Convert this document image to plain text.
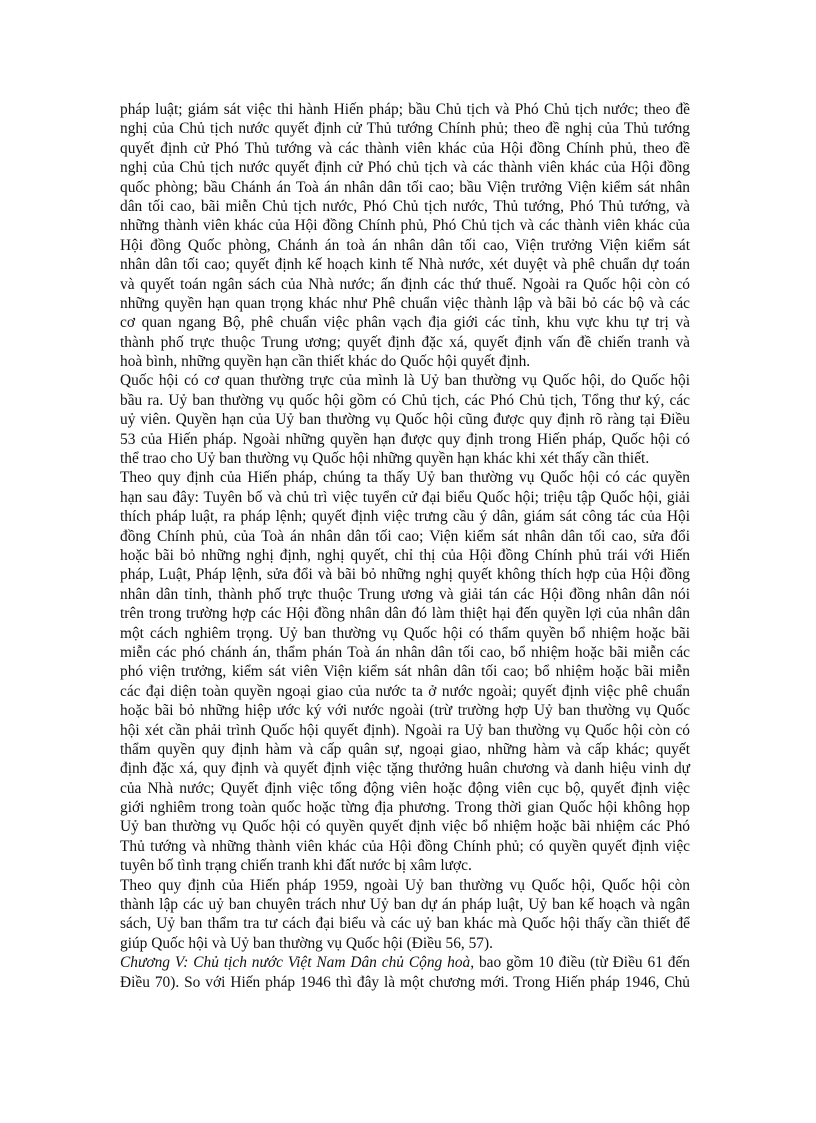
pháp luật; giám sát việc thi hành Hiến pháp; bầu Chủ tịch và Phó Chủ tịch nước; theo đề
nghị của Chủ tịch nước quyết định cử Thủ tướng Chính phủ; theo đề nghị của Thủ tướng
quyết định cử Phó Thủ tướng và các thành viên khác của Hội đồng Chính phủ, theo đề
nghị của Chủ tịch nước quyết định cử Phó chủ tịch và các thành viên khác của Hội đồng
quốc phòng; bầu Chánh án Toà án nhân dân tối cao; bầu Viện trưởng Viện kiểm sát nhân
dân tối cao, bãi miễn Chủ tịch nước, Phó Chủ tịch nước, Thủ tướng, Phó Thủ tướng, và
những thành viên khác của Hội đồng Chính phủ, Phó Chủ tịch và các thành viên khác của
Hội đồng Quốc phòng, Chánh án toà án nhân dân tối cao, Viện trưởng Viện kiểm sát
nhân dân tối cao; quyết định kế hoạch kinh tế Nhà nước, xét duyệt và phê chuẩn dự toán
và quyết toán ngân sách của Nhà nước; ấn định các thứ thuế. Ngoài ra Quốc hội còn có
những quyền hạn quan trọng khác như Phê chuẩn việc thành lập và bãi bỏ các bộ và các
cơ quan ngang Bộ, phê chuẩn việc phân vạch địa giới các tỉnh, khu vực khu tự trị và
thành phố trực thuộc Trung ương; quyết định đặc xá, quyết định vấn đề chiến tranh và
hoà bình, những quyền hạn cần thiết khác do Quốc hội quyết định.
Quốc hội có cơ quan thường trực của mình là Uỷ ban thường vụ Quốc hội, do Quốc hội
bầu ra. Uỷ ban thường vụ quốc hội gồm có Chủ tịch, các Phó Chủ tịch, Tổng thư ký, các
uỷ viên. Quyền hạn của Uỷ ban thường vụ Quốc hội cũng được quy định rõ ràng tại Điều
53 của Hiến pháp. Ngoài những quyền hạn được quy định trong Hiến pháp, Quốc hội có
thể trao cho Uỷ ban thường vụ Quốc hội những quyền hạn khác khi xét thấy cần thiết.
Theo quy định của Hiến pháp, chúng ta thấy Uỷ ban thường vụ Quốc hội có các quyền
hạn sau đây: Tuyên bố và chủ trì việc tuyển cử đại biểu Quốc hội; triệu tập Quốc hội, giải
thích pháp luật, ra pháp lệnh; quyết định việc trưng cầu ý dân, giám sát công tác của Hội
đồng Chính phủ, của Toà án nhân dân tối cao; Viện kiểm sát nhân dân tối cao, sửa đổi
hoặc bãi bỏ những nghị định, nghị quyết, chỉ thị của Hội đồng Chính phủ trái với Hiến
pháp, Luật, Pháp lệnh, sửa đổi và bãi bỏ những nghị quyết không thích hợp của Hội đồng
nhân dân tỉnh, thành phố trực thuộc Trung ương và giải tán các Hội đồng nhân dân nói
trên trong trường hợp các Hội đồng nhân dân đó làm thiệt hại đến quyền lợi của nhân dân
một cách nghiêm trọng. Uỷ ban thường vụ Quốc hội có thẩm quyền bổ nhiệm hoặc bãi
miễn các phó chánh án, thẩm phán Toà án nhân dân tối cao, bổ nhiệm hoặc bãi miễn các
phó viện trưởng, kiểm sát viên Viện kiểm sát nhân dân tối cao; bổ nhiệm hoặc bãi miễn
các đại diện toàn quyền ngoại giao của nước ta ở nước ngoài; quyết định việc phê chuẩn
hoặc bãi bỏ những hiệp ước ký với nước ngoài (trừ trường hợp Uỷ ban thường vụ Quốc
hội xét cần phải trình Quốc hội quyết định). Ngoài ra Uỷ ban thường vụ Quốc hội còn có
thẩm quyền quy định hàm và cấp quân sự, ngoại giao, những hàm và cấp khác; quyết
định đặc xá, quy định và quyết định việc tặng thưởng huân chương và danh hiệu vinh dự
của Nhà nước; Quyết định việc tổng động viên hoặc động viên cục bộ, quyết định việc
giới nghiêm trong toàn quốc hoặc từng địa phương. Trong thời gian Quốc hội không họp
Uỷ ban thường vụ Quốc hội có quyền quyết định việc bổ nhiệm hoặc bãi nhiệm các Phó
Thủ tướng và những thành viên khác của Hội đồng Chính phủ; có quyền quyết định việc
tuyên bố tình trạng chiến tranh khi đất nước bị xâm lược.
Theo quy định của Hiến pháp 1959, ngoài Uỷ ban thường vụ Quốc hội, Quốc hội còn
thành lập các uỷ ban chuyên trách như Uỷ ban dự án pháp luật, Uỷ ban kế hoạch và ngân
sách, Uỷ ban thẩm tra tư cách đại biểu và các uỷ ban khác mà Quốc hội thấy cần thiết để
giúp Quốc hội và Uỷ ban thường vụ Quốc hội (Điều 56, 57).
Chương V: Chủ tịch nước Việt Nam Dân chủ Cộng hoà, bao gồm 10 điều (từ Điều 61 đến
Điều 70). So với Hiến pháp 1946 thì đây là một chương mới. Trong Hiến pháp 1946, Chủ
